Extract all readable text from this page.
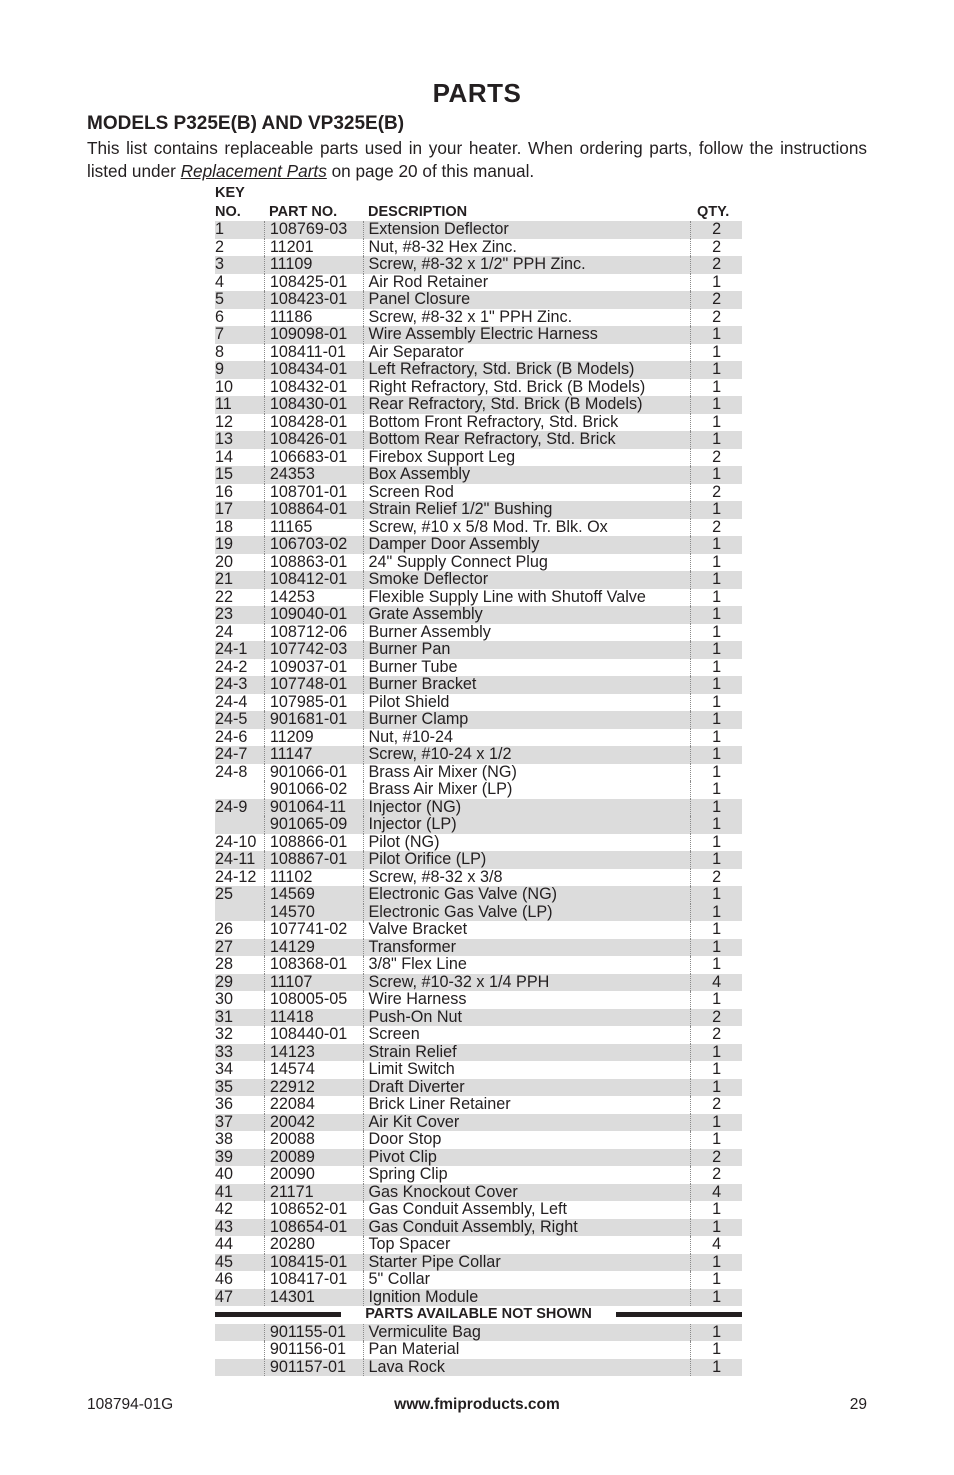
PARTS
MODELS P325E(B) AND VP325E(B)
This list contains replaceable parts used in your heater. When ordering parts, follow the instructions listed under Replacement Parts on page 20 of this manual.
KEY
NO. PART NO. DESCRIPTION	QTY.
1	108769-03	Extension Deflector	2
2	11201	Nut, #8-32 Hex Zinc.	2
3	11109	Screw, #8-32 x 1/2" PPH Zinc.	2
4	108425-01	Air Rod Retainer	1
5	108423-01	Panel Closure	2
6	11186	Screw, #8-32 x 1" PPH Zinc.	2
7	109098-01	Wire Assembly Electric Harness	1
8	108411-01	Air Separator	1
9	108434-01	Left Refractory, Std. Brick (B Models)	1
10	108432-01	Right Refractory, Std. Brick (B Models)	1
11	108430-01	Rear Refractory, Std. Brick (B Models)	1
12	108428-01	Bottom Front Refractory, Std. Brick	1
13	108426-01	Bottom Rear Refractory, Std. Brick	1
14	106683-01	Firebox Support Leg	2
15	24353	Box Assembly	1
16	108701-01	Screen Rod	2
17	108864-01	Strain Relief 1/2" Bushing	1
18	11165	Screw, #10 x 5/8 Mod. Tr. Blk. Ox	2
19	106703-02	Damper Door Assembly	1
20	108863-01	24" Supply Connect Plug	1
21	108412-01	Smoke Deflector	1
22	14253	Flexible Supply Line with Shutoff Valve	1
23	109040-01	Grate Assembly	1
24	108712-06	Burner Assembly	1
24-1	107742-03	Burner Pan	1
24-2	109037-01	Burner Tube	1
24-3	107748-01	Burner Bracket	1
24-4	107985-01	Pilot Shield	1
24-5	901681-01	Burner Clamp	1
24-6	11209	Nut, #10-24	1
24-7	11147	Screw, #10-24 x 1/2	1
24-8	901066-01	Brass Air Mixer (NG)	1
901066-02	Brass Air Mixer (LP)	1
24-9	901064-11	Injector (NG)	1
901065-09	Injector (LP)	1
24-10 108866-01	Pilot (NG)	1
24-11 108867-01	Pilot Orifice (LP)	1
24-12 11102	Screw, #8-32 x 3/8	2
25	14569	Electronic Gas Valve (NG)	1
14570	Electronic Gas Valve (LP)	1
26	107741-02	Valve Bracket	1
27	14129	Transformer	1
28	108368-01	3/8" Flex Line	1
29	11107	Screw, #10-32 x 1/4 PPH	4
30	108005-05	Wire Harness	1
31	11418	Push-On Nut	2
32	108440-01	Screen	2
33	14123	Strain Relief	1
34	14574	Limit Switch	1
35	22912	Draft Diverter	1
36	22084	Brick Liner Retainer	2
37	20042	Air Kit Cover	1
38	20088	Door Stop	1
39	20089	Pivot Clip	2
40	20090	Spring Clip	2
41	21171	Gas Knockout Cover	4
42	108652-01	Gas Conduit Assembly, Left	1
43	108654-01	Gas Conduit Assembly, Right	1
44	20280	Top Spacer	4
45	108415-01	Starter Pipe Collar	1
46	108417-01	5" Collar	1
47	14301	Ignition Module	1
PARTS AVAILABLE NOT SHOWN
901155-01	Vermiculite Bag	1
901156-01	Pan Material	1
901157-01	Lava Rock	1
108794-01G	www.fmiproducts.com	29
